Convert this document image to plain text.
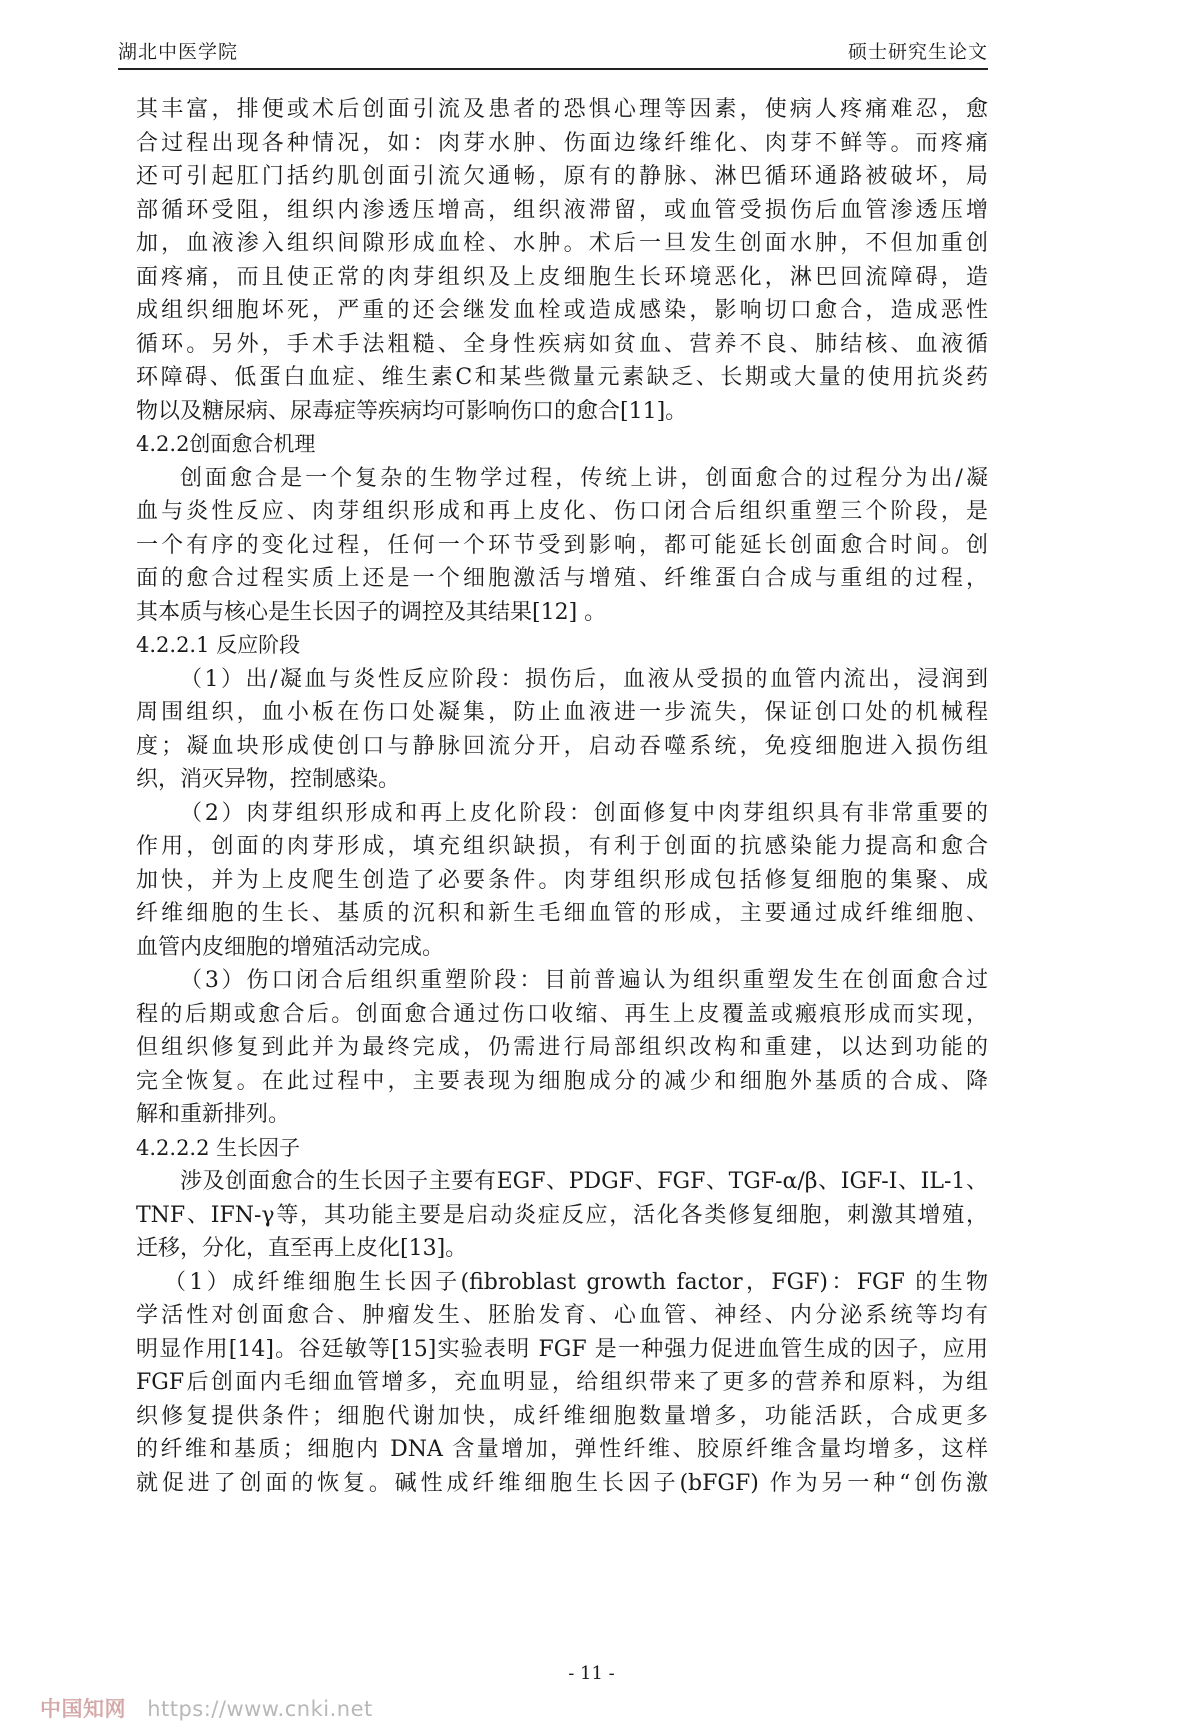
湖北中医学院	硕士研究生论文
其丰富，排便或术后创面引流及患者的恐惧心理等因素，使病人疼痛难忍，愈
合过程出现各种情况，如：肉芽水肿、伤面边缘纤维化、肉芽不鲜等。而疼痛
还可引起肛门括约肌创面引流欠通畅，原有的静脉、淋巴循环通路被破坏，局
部循环受阻，组织内渗透压增高，组织液滞留，或血管受损伤后血管渗透压增
加，血液渗入组织间隙形成血栓、水肿。术后一旦发生创面水肿，不但加重创
面疼痛，而且使正常的肉芽组织及上皮细胞生长环境恶化，淋巴回流障碍，造
成组织细胞坏死，严重的还会继发血栓或造成感染，影响切口愈合，造成恶性
循环。另外，手术手法粗糙、全身性疾病如贫血、营养不良、肺结核、血液循
环障碍、低蛋白血症、维生素C和某些微量元素缺乏、长期或大量的使用抗炎药
物以及糖尿病、尿毒症等疾病均可影响伤口的愈合[11]。
4.2.2创面愈合机理
创面愈合是一个复杂的生物学过程，传统上讲，创面愈合的过程分为出/凝
血与炎性反应、肉芽组织形成和再上皮化、伤口闭合后组织重塑三个阶段，是
一个有序的变化过程，任何一个环节受到影响，都可能延长创面愈合时间。创
面的愈合过程实质上还是一个细胞激活与增殖、纤维蛋白合成与重组的过程，
其本质与核心是生长因子的调控及其结果[12] 。
4.2.2.1 反应阶段
（1）出/凝血与炎性反应阶段：损伤后，血液从受损的血管内流出，浸润到
周围组织，血小板在伤口处凝集，防止血液进一步流失，保证创口处的机械程
度；凝血块形成使创口与静脉回流分开，启动吞噬系统，免疫细胞进入损伤组
织，消灭异物，控制感染。
（2）肉芽组织形成和再上皮化阶段：创面修复中肉芽组织具有非常重要的
作用，创面的肉芽形成，填充组织缺损，有利于创面的抗感染能力提高和愈合
加快，并为上皮爬生创造了必要条件。肉芽组织形成包括修复细胞的集聚、成
纤维细胞的生长、基质的沉积和新生毛细血管的形成，主要通过成纤维细胞、
血管内皮细胞的增殖活动完成。
（3）伤口闭合后组织重塑阶段：目前普遍认为组织重塑发生在创面愈合过
程的后期或愈合后。创面愈合通过伤口收缩、再生上皮覆盖或瘢痕形成而实现，
但组织修复到此并为最终完成，仍需进行局部组织改构和重建，以达到功能的
完全恢复。在此过程中，主要表现为细胞成分的减少和细胞外基质的合成、降
解和重新排列。
4.2.2.2 生长因子
涉及创面愈合的生长因子主要有EGF、PDGF、FGF、TGF-α/β、IGF-I、IL-1、
TNF、IFN-γ等，其功能主要是启动炎症反应，活化各类修复细胞，刺激其增殖，
迁移，分化，直至再上皮化[13]。
（1）成纤维细胞生长因子(fibroblast growth factor，FGF)：FGF 的生物
学活性对创面愈合、肿瘤发生、胚胎发育、心血管、神经、内分泌系统等均有
明显作用[14]。谷廷敏等[15]实验表明 FGF 是一种强力促进血管生成的因子，应用
FGF后创面内毛细血管增多，充血明显，给组织带来了更多的营养和原料，为组
织修复提供条件；细胞代谢加快，成纤维细胞数量增多，功能活跃，合成更多
的纤维和基质；细胞内 DNA 含量增加，弹性纤维、胶原纤维含量均增多，这样
就促进了创面的恢复。碱性成纤维细胞生长因子(bFGF) 作为另一种“创伤激
- 11 -
中国知网 https://www.cnki.net
